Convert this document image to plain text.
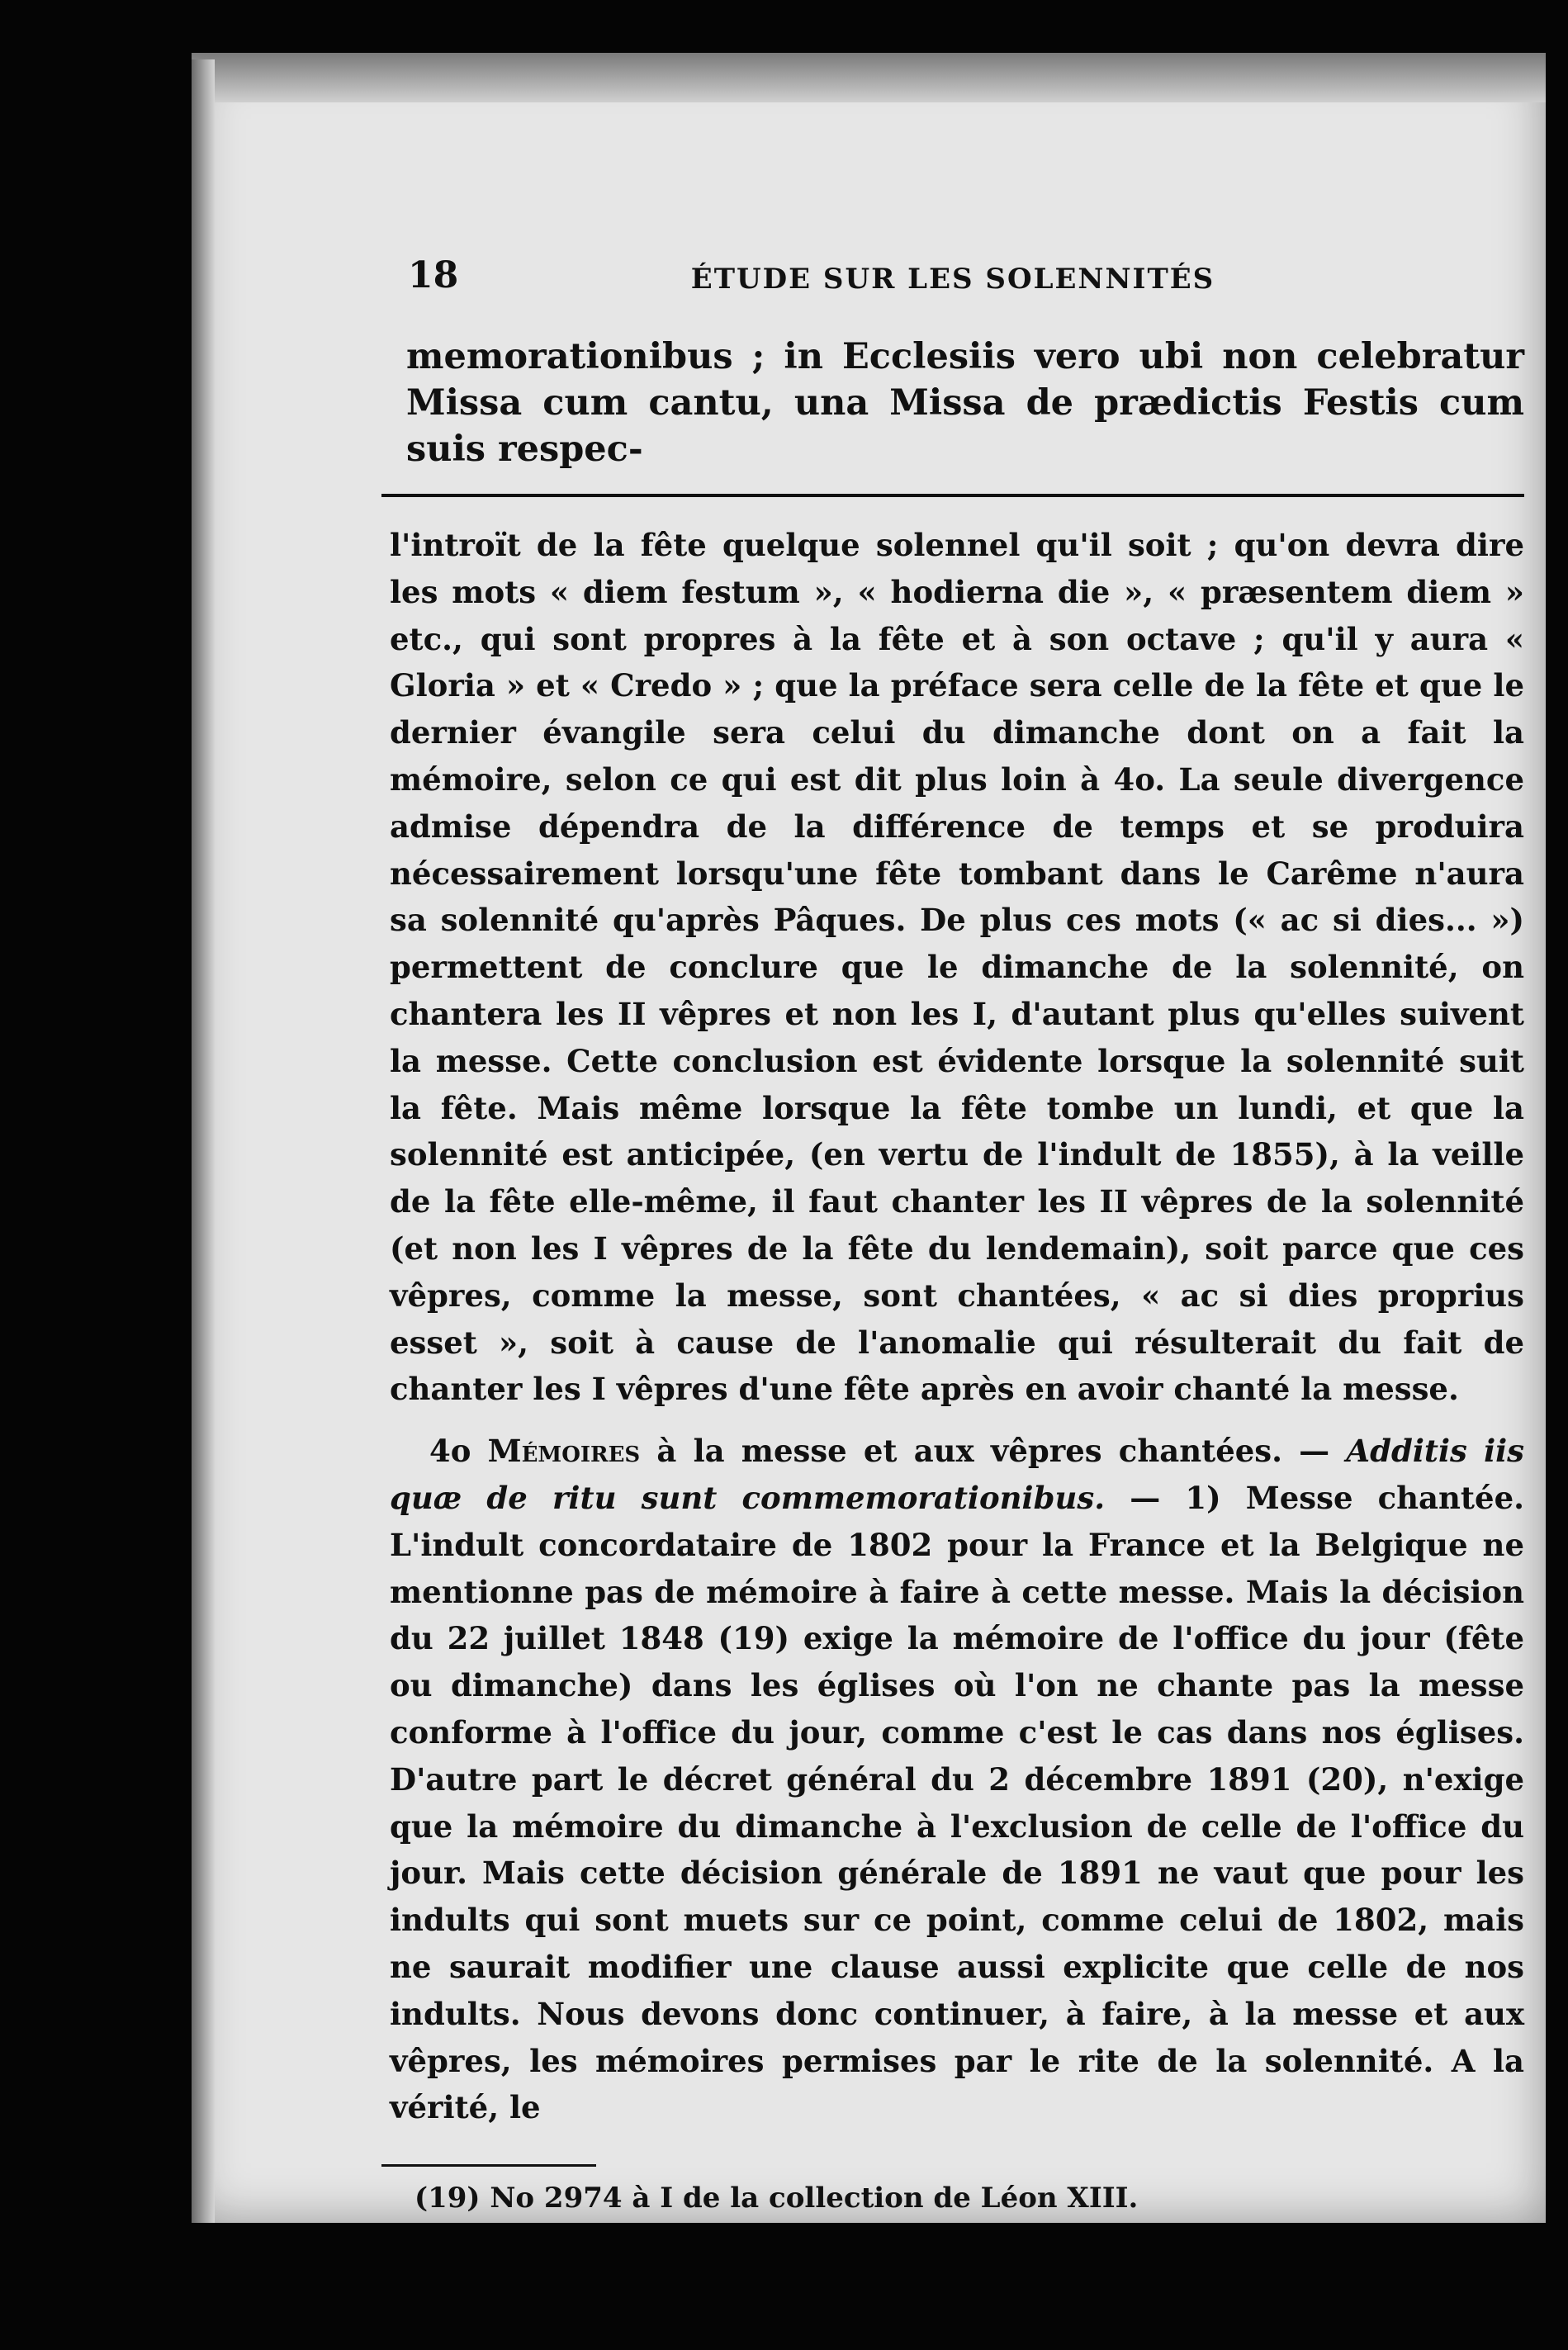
18	ÉTUDE SUR LES SOLENNITÉS

memorationibus ; in Ecclesiis vero ubi non celebratur Missa cum cantu, una Missa de prædictis Festis cum suis respec-

l'introït de la fête quelque solennel qu'il soit ; qu'on devra dire les mots « diem festum », « hodierna die », « præsentem diem » etc., qui sont propres à la fête et à son octave ; qu'il y aura « Gloria » et « Credo » ; que la préface sera celle de la fête et que le dernier évangile sera celui du dimanche dont on a fait la mémoire, selon ce qui est dit plus loin à 4o. La seule divergence admise dépendra de la différence de temps et se produira nécessairement lorsqu'une fête tombant dans le Carême n'aura sa solennité qu'après Pâques. De plus ces mots (« ac si dies... ») permettent de conclure que le dimanche de la solennité, on chantera les II vêpres et non les I, d'autant plus qu'elles suivent la messe. Cette conclusion est évidente lorsque la solennité suit la fête. Mais même lorsque la fête tombe un lundi, et que la solennité est anticipée, (en vertu de l'indult de 1855), à la veille de la fête elle-même, il faut chanter les II vêpres de la solennité (et non les I vêpres de la fête du lendemain), soit parce que ces vêpres, comme la messe, sont chantées, « ac si dies proprius esset », soit à cause de l'anomalie qui résulterait du fait de chanter les I vêpres d'une fête après en avoir chanté la messe.

4o Mémoires à la messe et aux vêpres chantées. — Additis iis quæ de ritu sunt commemorationibus. — 1) Messe chantée. L'indult concordataire de 1802 pour la France et la Belgique ne mentionne pas de mémoire à faire à cette messe. Mais la décision du 22 juillet 1848 (19) exige la mémoire de l'office du jour (fête ou dimanche) dans les églises où l'on ne chante pas la messe conforme à l'office du jour, comme c'est le cas dans nos églises. D'autre part le décret général du 2 décembre 1891 (20), n'exige que la mémoire du dimanche à l'exclusion de celle de l'office du jour. Mais cette décision générale de 1891 ne vaut que pour les indults qui sont muets sur ce point, comme celui de 1802, mais ne saurait modifier une clause aussi explicite que celle de nos indults. Nous devons donc continuer, à faire, à la messe et aux vêpres, les mémoires permises par le rite de la solennité. A la vérité, le

(19) No 2974 à I de la collection de Léon XIII.
